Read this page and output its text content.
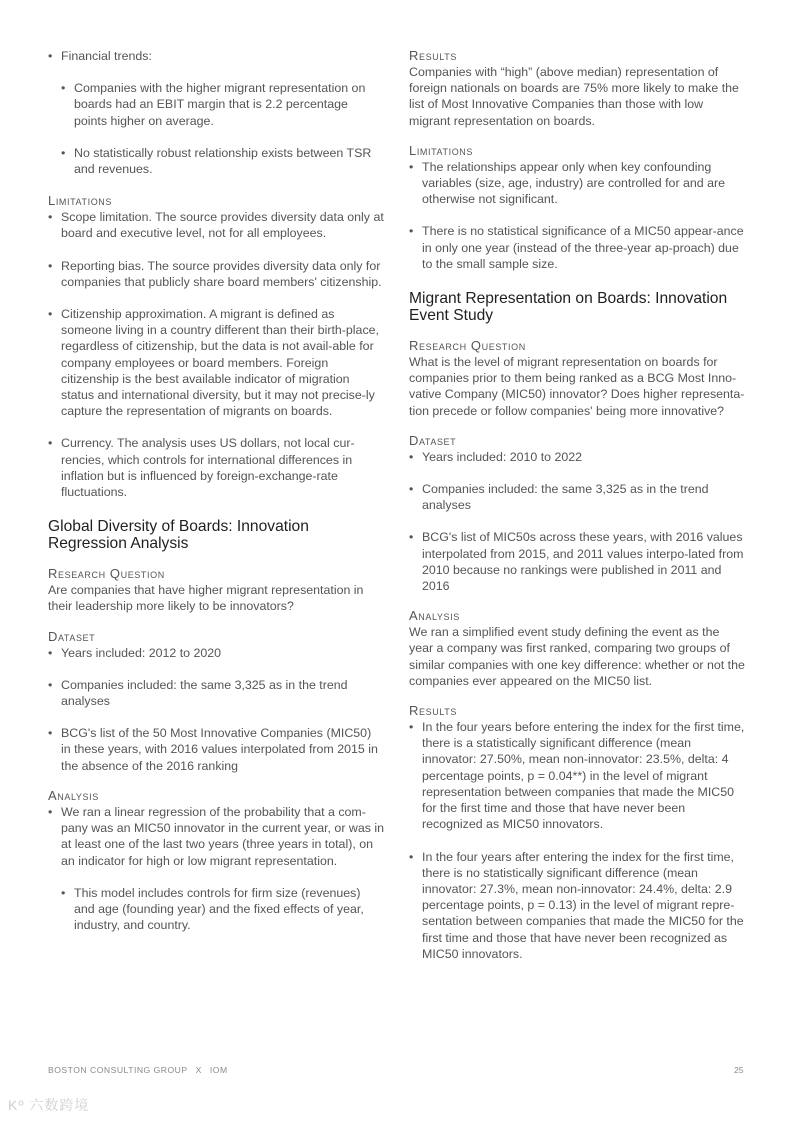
• Financial trends:
• Companies with the higher migrant representation on boards had an EBIT margin that is 2.2 percentage points higher on average.
• No statistically robust relationship exists between TSR and revenues.
Limitations
• Scope limitation. The source provides diversity data only at board and executive level, not for all employees.
• Reporting bias. The source provides diversity data only for companies that publicly share board members' citizenship.
• Citizenship approximation. A migrant is defined as someone living in a country different than their birth-place, regardless of citizenship, but the data is not avail-able for company employees or board members. Foreign citizenship is the best available indicator of migration status and international diversity, but it may not precise-ly capture the representation of migrants on boards.
• Currency. The analysis uses US dollars, not local cur-rencies, which controls for international differences in inflation but is influenced by foreign-exchange-rate fluctuations.
Global Diversity of Boards: Innovation Regression Analysis
Research Question
Are companies that have higher migrant representation in their leadership more likely to be innovators?
Dataset
• Years included: 2012 to 2020
• Companies included: the same 3,325 as in the trend analyses
• BCG's list of the 50 Most Innovative Companies (MIC50) in these years, with 2016 values interpolated from 2015 in the absence of the 2016 ranking
Analysis
• We ran a linear regression of the probability that a com-pany was an MIC50 innovator in the current year, or was in at least one of the last two years (three years in total), on an indicator for high or low migrant representation.
• This model includes controls for firm size (revenues) and age (founding year) and the fixed effects of year, industry, and country.
Results
Companies with “high” (above median) representation of foreign nationals on boards are 75% more likely to make the list of Most Innovative Companies than those with low migrant representation on boards.
Limitations
• The relationships appear only when key confounding variables (size, age, industry) are controlled for and are otherwise not significant.
• There is no statistical significance of a MIC50 appear-ance in only one year (instead of the three-year ap-proach) due to the small sample size.
Migrant Representation on Boards: Innovation Event Study
Research Question
What is the level of migrant representation on boards for companies prior to them being ranked as a BCG Most Inno-vative Company (MIC50) innovator? Does higher representa-tion precede or follow companies' being more innovative?
Dataset
• Years included: 2010 to 2022
• Companies included: the same 3,325 as in the trend analyses
• BCG's list of MIC50s across these years, with 2016 values interpolated from 2015, and 2011 values interpo-lated from 2010 because no rankings were published in 2011 and 2016
Analysis
We ran a simplified event study defining the event as the year a company was first ranked, comparing two groups of similar companies with one key difference: whether or not the companies ever appeared on the MIC50 list.
Results
• In the four years before entering the index for the first time, there is a statistically significant difference (mean innovator: 27.50%, mean non-innovator: 23.5%, delta: 4 percentage points, p = 0.04**) in the level of migrant representation between companies that made the MIC50 for the first time and those that have never been recognized as MIC50 innovators.
• In the four years after entering the index for the first time, there is no statistically significant difference (mean innovator: 27.3%, mean non-innovator: 24.4%, delta: 2.9 percentage points, p = 0.13) in the level of migrant repre-sentation between companies that made the MIC50 for the first time and those that have never been recognized as MIC50 innovators.
BOSTON CONSULTING GROUP X IOM	25
Kº 六数跨境
